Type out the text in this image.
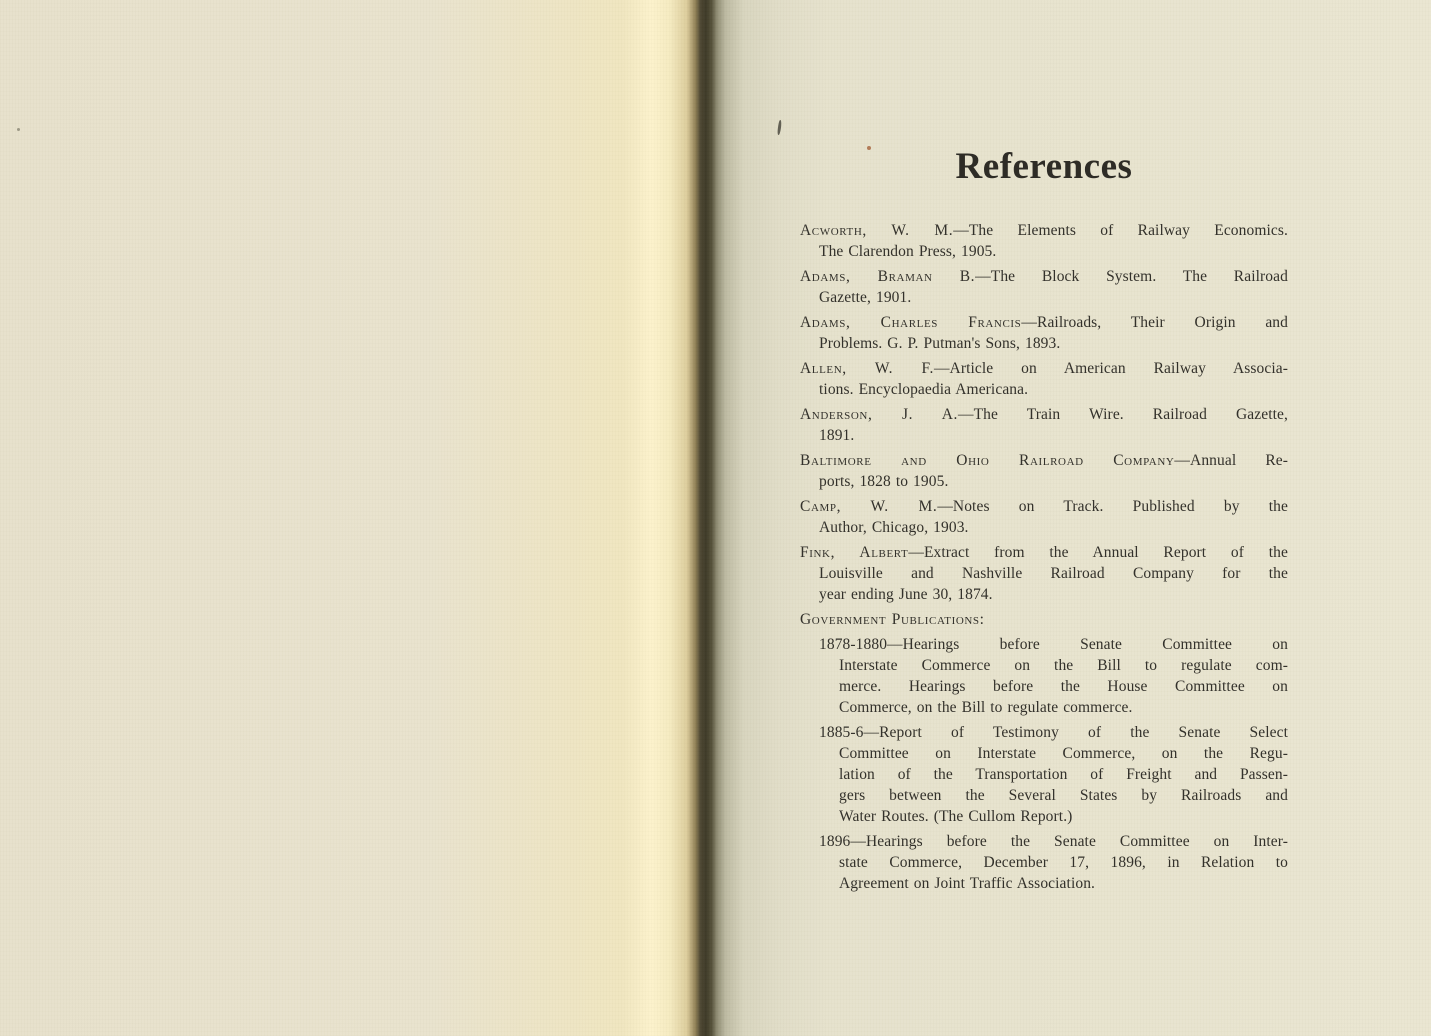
References
Acworth, W. M.—The Elements of Railway Economics.
The Clarendon Press, 1905.
Adams, Braman B.—The Block System. The Railroad
Gazette, 1901.
Adams, Charles Francis—Railroads, Their Origin and
Problems. G. P. Putman's Sons, 1893.
Allen, W. F.—Article on American Railway Associa-
tions. Encyclopaedia Americana.
Anderson, J. A.—The Train Wire. Railroad Gazette,
1891.
Baltimore and Ohio Railroad Company—Annual Re-
ports, 1828 to 1905.
Camp, W. M.—Notes on Track. Published by the
Author, Chicago, 1903.
Fink, Albert—Extract from the Annual Report of the
Louisville and Nashville Railroad Company for the
year ending June 30, 1874.
Government Publications:
1878-1880—Hearings before Senate Committee on
Interstate Commerce on the Bill to regulate com-
merce. Hearings before the House Committee on
Commerce, on the Bill to regulate commerce.
1885-6—Report of Testimony of the Senate Select
Committee on Interstate Commerce, on the Regu-
lation of the Transportation of Freight and Passen-
gers between the Several States by Railroads and
Water Routes. (The Cullom Report.)
1896—Hearings before the Senate Committee on Inter-
state Commerce, December 17, 1896, in Relation to
Agreement on Joint Traffic Association.
